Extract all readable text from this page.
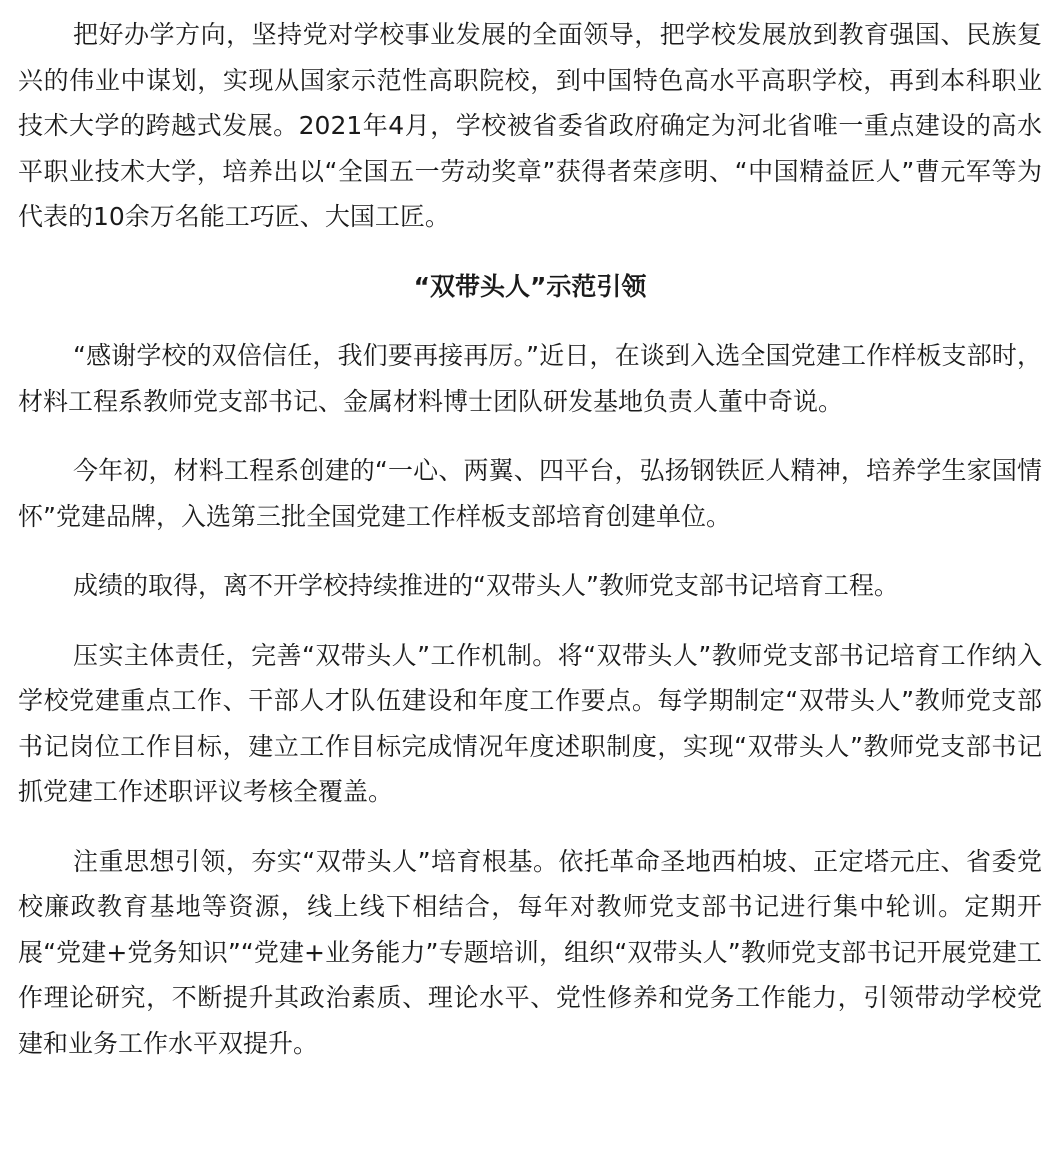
把好办学方向，坚持党对学校事业发展的全面领导，把学校发展放到教育强国、民族复兴的伟业中谋划，实现从国家示范性高职院校，到中国特色高水平高职学校，再到本科职业技术大学的跨越式发展。2021年4月，学校被省委省政府确定为河北省唯一重点建设的高水平职业技术大学，培养出以“全国五一劳动奖章”获得者荣彦明、“中国精益匠人”曹元军等为代表的10余万名能工巧匠、大国工匠。

“双带头人”示范引领

“感谢学校的双倍信任，我们要再接再厉。”近日，在谈到入选全国党建工作样板支部时，材料工程系教师党支部书记、金属材料博士团队研发基地负责人董中奇说。

今年初，材料工程系创建的“一心、两翼、四平台，弘扬钢铁匠人精神，培养学生家国情怀”党建品牌，入选第三批全国党建工作样板支部培育创建单位。

成绩的取得，离不开学校持续推进的“双带头人”教师党支部书记培育工程。

压实主体责任，完善“双带头人”工作机制。将“双带头人”教师党支部书记培育工作纳入学校党建重点工作、干部人才队伍建设和年度工作要点。每学期制定“双带头人”教师党支部书记岗位工作目标，建立工作目标完成情况年度述职制度，实现“双带头人”教师党支部书记抓党建工作述职评议考核全覆盖。

注重思想引领，夯实“双带头人”培育根基。依托革命圣地西柏坡、正定塔元庄、省委党校廉政教育基地等资源，线上线下相结合，每年对教师党支部书记进行集中轮训。定期开展“党建+党务知识”“党建+业务能力”专题培训，组织“双带头人”教师党支部书记开展党建工作理论研究，不断提升其政治素质、理论水平、党性修养和党务工作能力，引领带动学校党建和业务工作水平双提升。
